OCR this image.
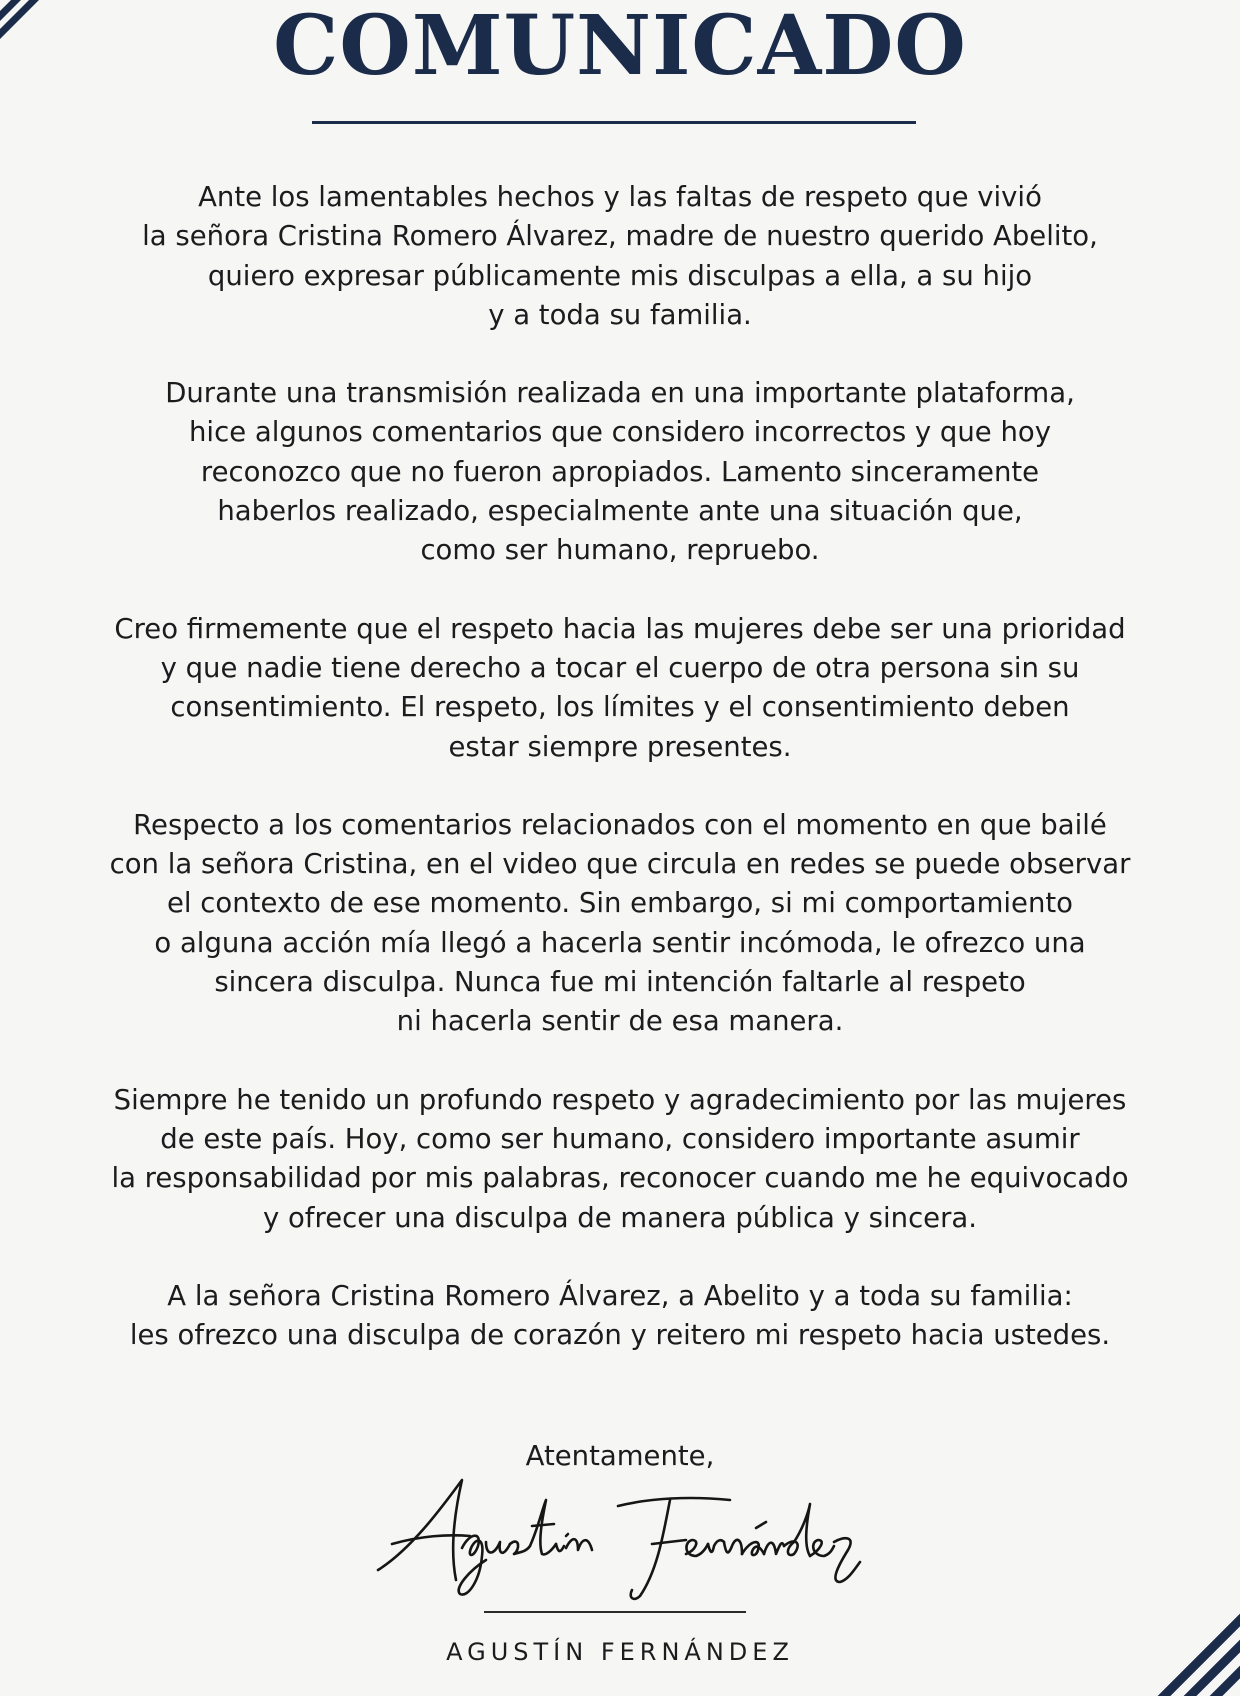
COMUNICADO
Ante los lamentables hechos y las faltas de respeto que vivió
la señora Cristina Romero Álvarez, madre de nuestro querido Abelito,
quiero expresar públicamente mis disculpas a ella, a su hijo
y a toda su familia.
Durante una transmisión realizada en una importante plataforma,
hice algunos comentarios que considero incorrectos y que hoy
reconozco que no fueron apropiados. Lamento sinceramente
haberlos realizado, especialmente ante una situación que,
como ser humano, repruebo.
Creo firmemente que el respeto hacia las mujeres debe ser una prioridad
y que nadie tiene derecho a tocar el cuerpo de otra persona sin su
consentimiento. El respeto, los límites y el consentimiento deben
estar siempre presentes.
Respecto a los comentarios relacionados con el momento en que bailé
con la señora Cristina, en el video que circula en redes se puede observar
el contexto de ese momento. Sin embargo, si mi comportamiento
o alguna acción mía llegó a hacerla sentir incómoda, le ofrezco una
sincera disculpa. Nunca fue mi intención faltarle al respeto
ni hacerla sentir de esa manera.
Siempre he tenido un profundo respeto y agradecimiento por las mujeres
de este país. Hoy, como ser humano, considero importante asumir
la responsabilidad por mis palabras, reconocer cuando me he equivocado
y ofrecer una disculpa de manera pública y sincera.
A la señora Cristina Romero Álvarez, a Abelito y a toda su familia:
les ofrezco una disculpa de corazón y reitero mi respeto hacia ustedes.
Atentamente,
AGUSTÍN FERNÁNDEZ
